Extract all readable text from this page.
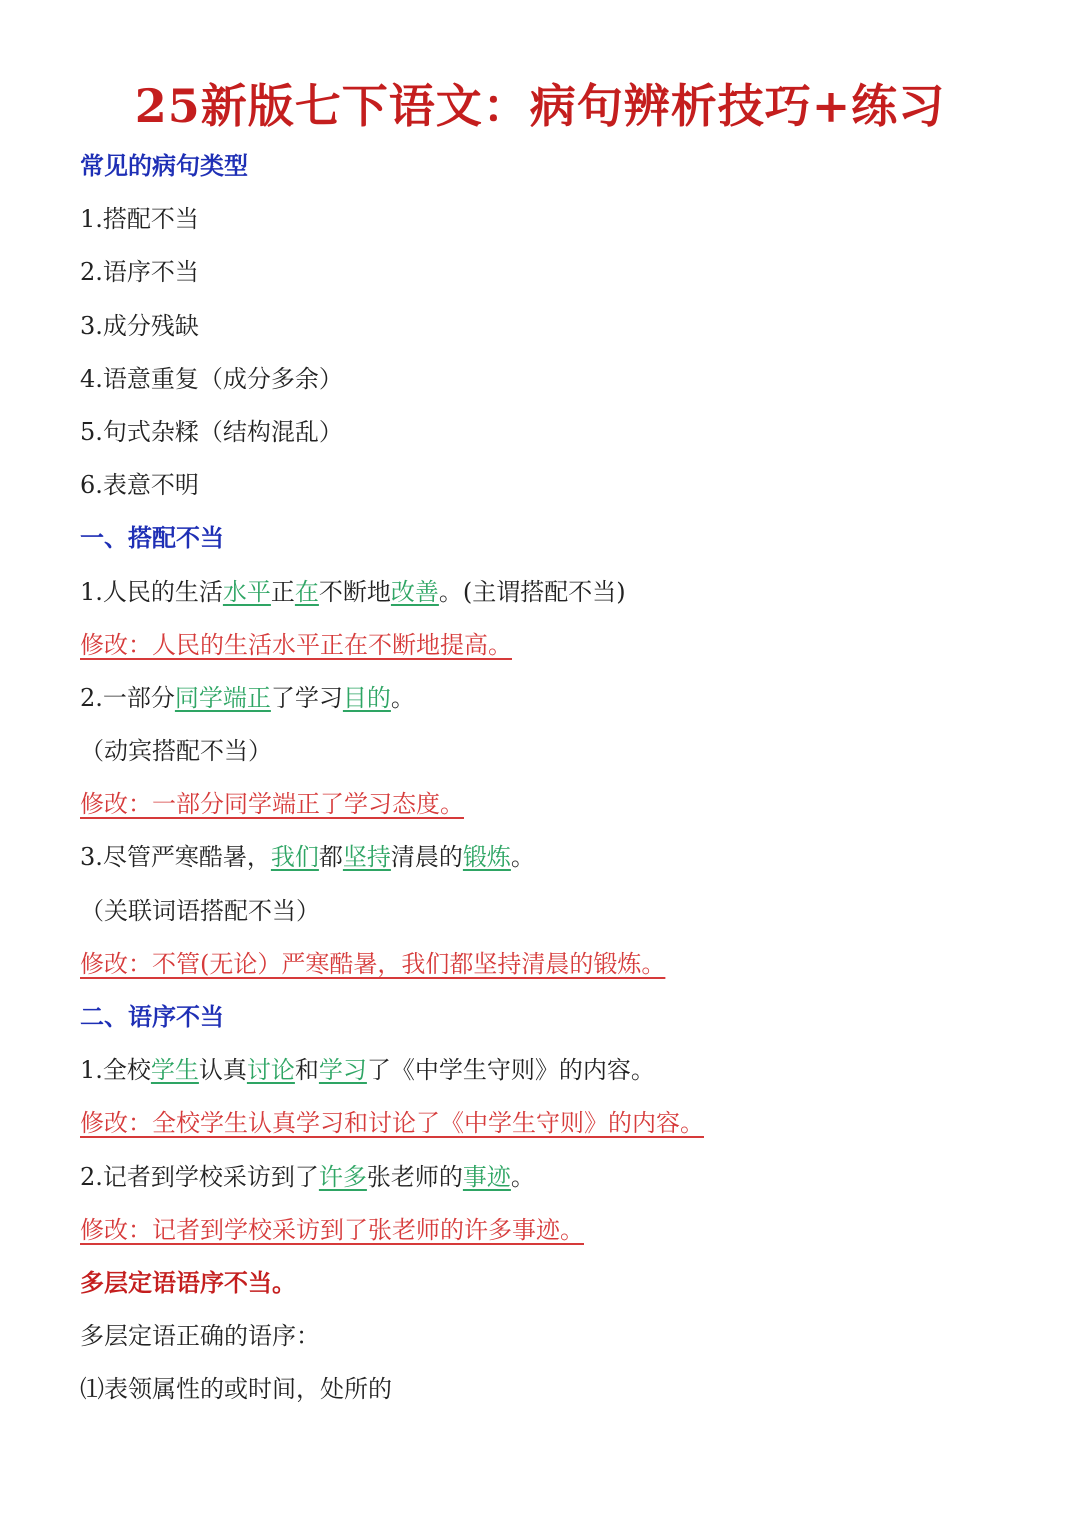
25新版七下语文：病句辨析技巧+练习
常见的病句类型
1.搭配不当
2.语序不当
3.成分残缺
4.语意重复（成分多余）
5.句式杂糅（结构混乱）
6.表意不明
一、搭配不当
1.人民的生活水平正在不断地改善。(主谓搭配不当)
修改：人民的生活水平正在不断地提高。
2.一部分同学端正了学习目的。
（动宾搭配不当）
修改：一部分同学端正了学习态度。
3.尽管严寒酷暑，我们都坚持清晨的锻炼。
（关联词语搭配不当）
修改：不管(无论）严寒酷暑，我们都坚持清晨的锻炼。
二、语序不当
1.全校学生认真讨论和学习了《中学生守则》的内容。
修改：全校学生认真学习和讨论了《中学生守则》的内容。
2.记者到学校采访到了许多张老师的事迹。
修改：记者到学校采访到了张老师的许多事迹。
多层定语语序不当。
多层定语正确的语序：
⑴表领属性的或时间，处所的
